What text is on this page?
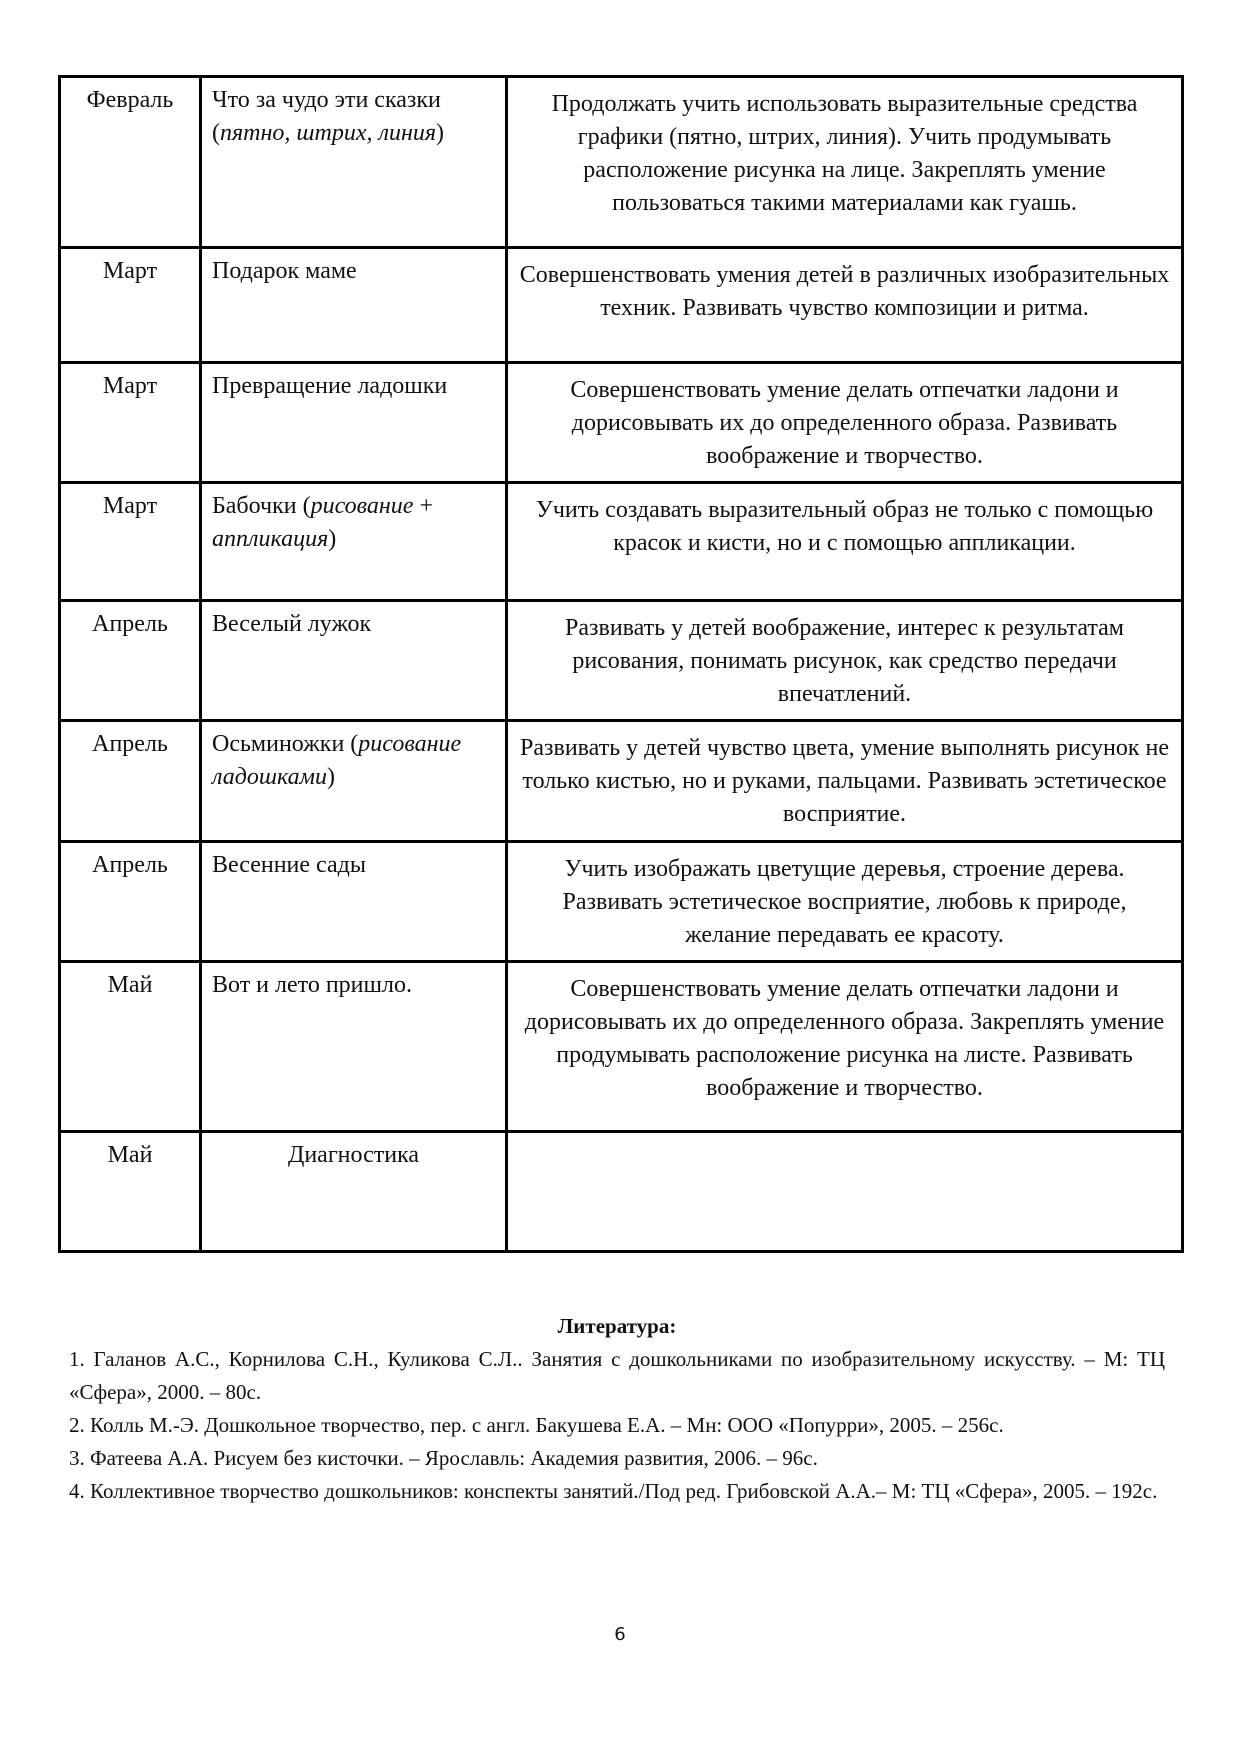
Февраль	Что за чудо эти сказки (пятно, штрих, линия)	Продолжать учить использовать выразительные средства графики (пятно, штрих, линия). Учить продумывать расположение рисунка на лице. Закреплять умение пользоваться такими материалами как гуашь.
Март	Подарок маме	Совершенствовать умения детей в различных изобразительных техник. Развивать чувство композиции и ритма.
Март	Превращение ладошки	Совершенствовать умение делать отпечатки ладони и дорисовывать их до определенного образа. Развивать воображение и творчество.
Март	Бабочки (рисование + аппликация)	Учить создавать выразительный образ не только с помощью красок и кисти, но и с помощью аппликации.
Апрель	Веселый лужок	Развивать у детей воображение, интерес к результатам рисования, понимать рисунок, как средство передачи впечатлений.
Апрель	Осьминожки (рисование ладошками)	Развивать у детей чувство цвета, умение выполнять рисунок не только кистью, но и руками, пальцами. Развивать эстетическое восприятие.
Апрель	Весенние сады	Учить изображать цветущие деревья, строение дерева. Развивать эстетическое восприятие, любовь к природе, желание передавать ее красоту.
Май	Вот и лето пришло.	Совершенствовать умение делать отпечатки ладони и дорисовывать их до определенного образа. Закреплять умение продумывать расположение рисунка на листе. Развивать воображение и творчество.
Май	Диагностика	
Литература:

1. Галанов А.С., Корнилова С.Н., Куликова С.Л.. Занятия с дошкольниками по изобразительному искусству. – М: ТЦ «Сфера», 2000. – 80с.

2. Колль М.-Э. Дошкольное творчество, пер. с англ. Бакушева Е.А. – Мн: ООО «Попурри», 2005. – 256с.

3. Фатеева А.А. Рисуем без кисточки. – Ярославль: Академия развития, 2006. – 96с.

4. Коллективное творчество дошкольников: конспекты занятий./Под ред. Грибовской А.А.– М: ТЦ «Сфера», 2005. – 192с.

6
